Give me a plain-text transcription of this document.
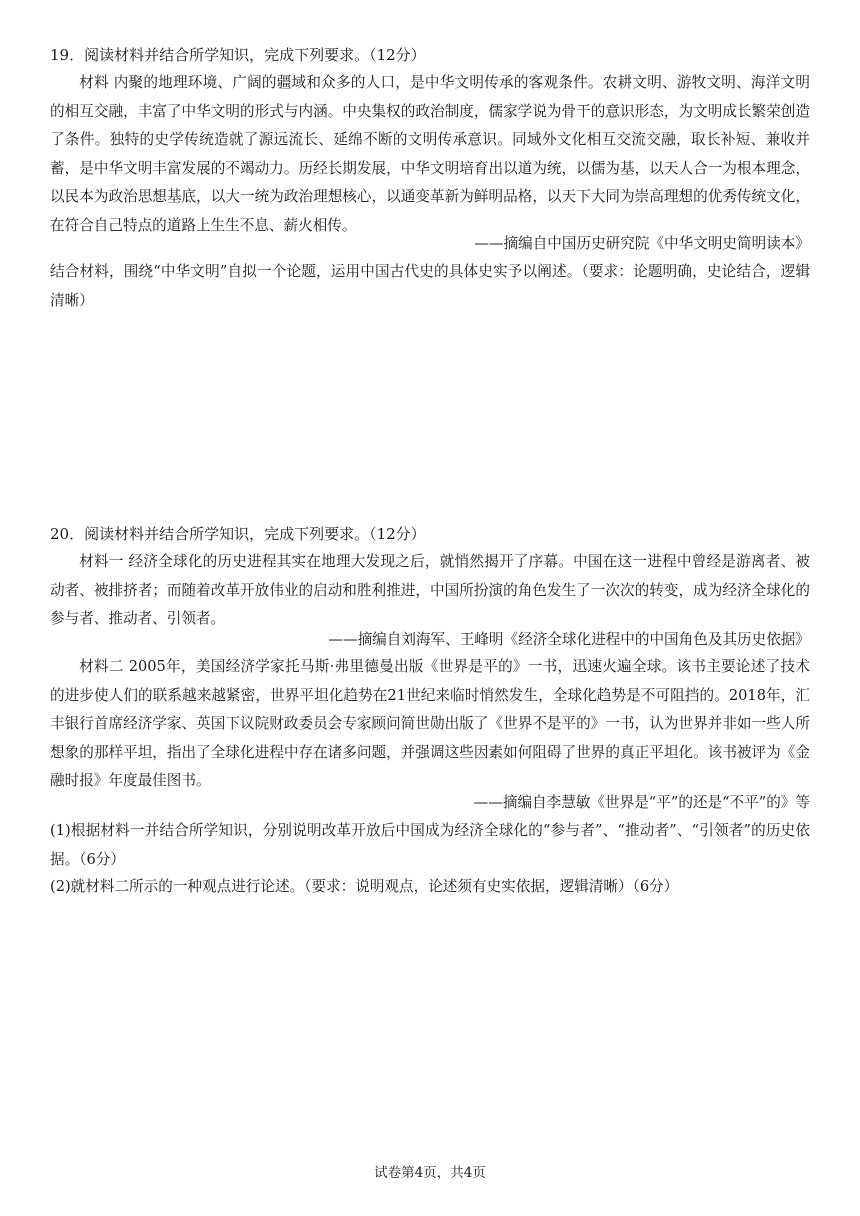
19．阅读材料并结合所学知识，完成下列要求。（12分）
材料 内聚的地理环境、广阔的疆域和众多的人口，是中华文明传承的客观条件。农耕文明、游牧文明、海洋文明的相互交融，丰富了中华文明的形式与内涵。中央集权的政治制度，儒家学说为骨干的意识形态，为文明成长繁荣创造了条件。独特的史学传统造就了源远流长、延绵不断的文明传承意识。同域外文化相互交流交融，取长补短、兼收并蓄，是中华文明丰富发展的不竭动力。历经长期发展，中华文明培育出以道为统，以儒为基，以天人合一为根本理念，以民本为政治思想基底，以大一统为政治理想核心，以通变革新为鲜明品格，以天下大同为崇高理想的优秀传统文化，在符合自己特点的道路上生生不息、薪火相传。
——摘编自中国历史研究院《中华文明史简明读本》
结合材料，围绕“中华文明”自拟一个论题，运用中国古代史的具体史实予以阐述。（要求：论题明确，史论结合，逻辑清晰）
20．阅读材料并结合所学知识，完成下列要求。（12分）
材料一 经济全球化的历史进程其实在地理大发现之后，就悄然揭开了序幕。中国在这一进程中曾经是游离者、被动者、被排挤者；而随着改革开放伟业的启动和胜利推进，中国所扮演的角色发生了一次次的转变，成为经济全球化的参与者、推动者、引领者。
——摘编自刘海军、王峰明《经济全球化进程中的中国角色及其历史依据》
材料二 2005年，美国经济学家托马斯·弗里德曼出版《世界是平的》一书，迅速火遍全球。该书主要论述了技术的进步使人们的联系越来越紧密，世界平坦化趋势在21世纪来临时悄然发生，全球化趋势是不可阻挡的。2018年，汇丰银行首席经济学家、英国下议院财政委员会专家顾问简世勋出版了《世界不是平的》一书，认为世界并非如一些人所想象的那样平坦，指出了全球化进程中存在诸多问题，并强调这些因素如何阻碍了世界的真正平坦化。该书被评为《金融时报》年度最佳图书。
——摘编自李慧敏《世界是“平”的还是“不平”的》等
(1)根据材料一并结合所学知识，分别说明改革开放后中国成为经济全球化的“参与者”、“推动者”、“引领者”的历史依据。（6分）
(2)就材料二所示的一种观点进行论述。（要求：说明观点，论述须有史实依据，逻辑清晰）（6分）
试卷第4页，共4页
